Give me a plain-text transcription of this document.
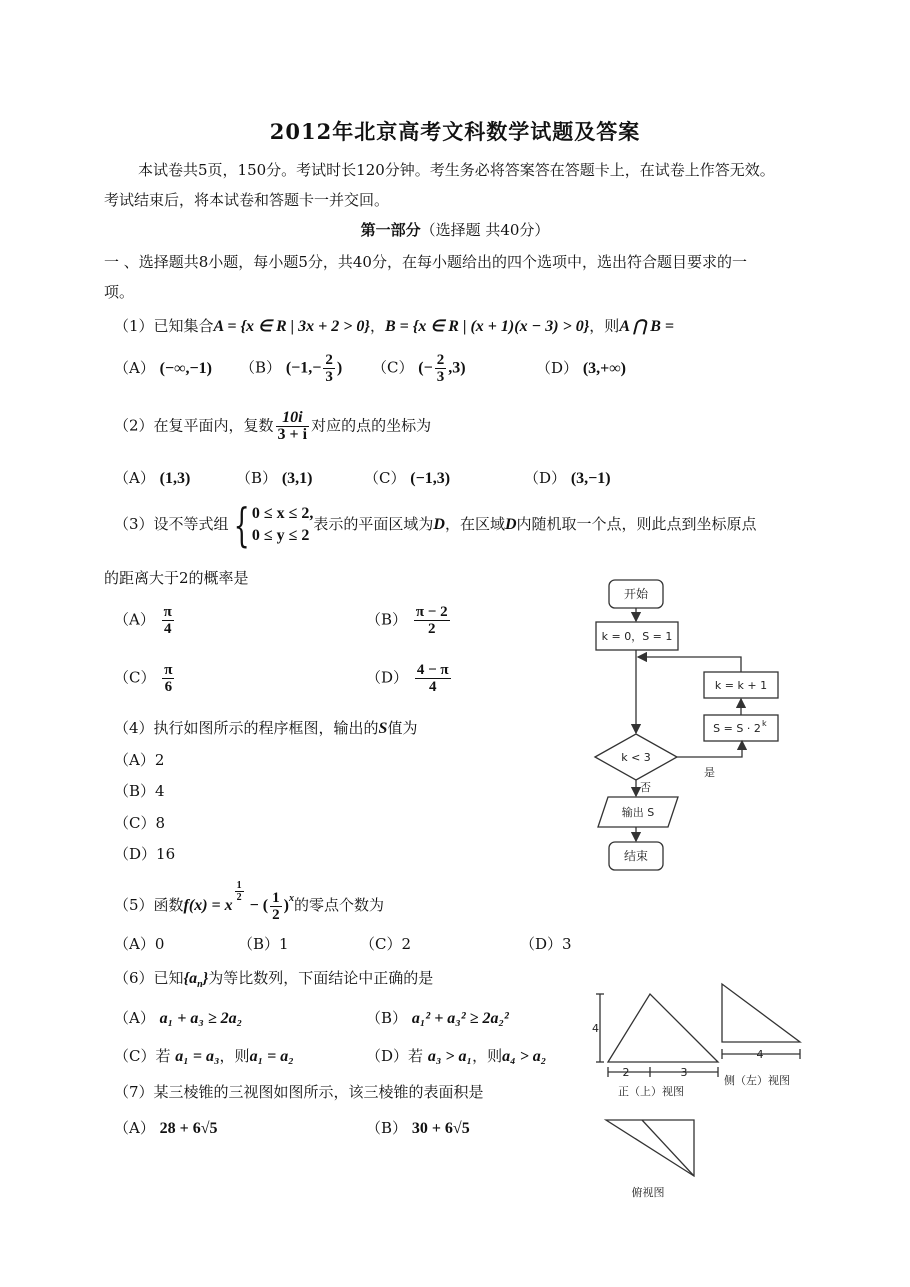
2012年北京高考文科数学试题及答案
本试卷共5页，150分。考试时长120分钟。考生务必将答案答在答题卡上，在试卷上作答无效。
考试结束后，将本试卷和答题卡一并交回。
第一部分（选择题 共40分）
一 、选择题共8小题，每小题5分，共40分，在每小题给出的四个选项中，选出符合题目要求的一
项。
（1）已知集合A = {x ∈ R | 3x + 2 > 0}，B = {x ∈ R | (x + 1)(x − 3) > 0}，则A ⋂ B =
（A） (−∞,−1) （B） ($-1,- \frac{2}{3}$ ) （C） (− $\frac{2}{3} ,3$)	（D） (3,+∞)
（2）在复平面内，复数 $\frac{10i}{3 + i}$ 对应的点的坐标为
（A） (1,3)	（B） (3,1)	（C） (−1,3)	（D） (3,−1)
（3）设不等式组{ 0 ≤ x ≤ 2,
0 ≤ y ≤ 2
表示的平面区域为D，在区域D内随机取一个点，则此点到坐标原点
的距离大于2的概率是
$(A) \frac{\pi}{4}$	$(B) \frac{\pi - 2}{2}$
$(C) \frac{\pi}{6}$	$(D) \frac{4 - \pi}{4}$
（4）执行如图所示的程序框图，输出的S值为
（A）2
（B）4
（C）8
（D）16
（5）函数f(x) = x
$\frac{1}{2}$
− ( $\frac{1}{2} )^x$的零点个数为
（A）0	（B）1	（C）2	（D）3
（6）已知$\{a_n\}$为等比数列，下面结论中正确的是
（A） a₁ + a₃ ≥ 2a₂	（B） a₁² + a₃² ≥ 2a₂²
（C）若 a₁ = a₃，则a₁ = a₂	（D）若 a₃ > a₁，则a₄ > a₂
（7）某三棱锥的三视图如图所示，该三棱锥的表面积是
（A） 28 + 6√5	（B） 30 + 6√5
开始
k = 0，S = 1
k < 3
否
是
k = k + 1
S = S · 2 k
输出 S
结束
4
2	3
正（上）视图
4
侧（左）视图
俯视图
